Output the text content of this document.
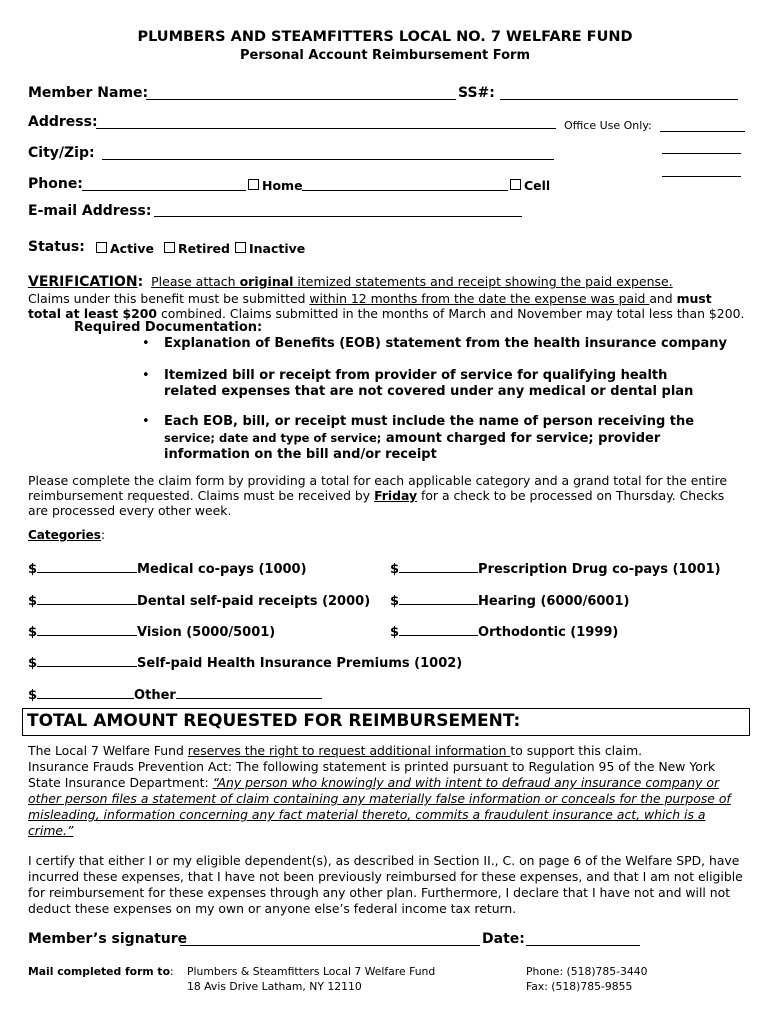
PLUMBERS AND STEAMFITTERS LOCAL NO. 7 WELFARE FUND
Personal Account Reimbursement Form
Member Name:	SS#:
Address:	Office Use Only:
City/Zip:
Phone:	Home	Cell
E-mail Address:
Status:	Active	Retired	Inactive
VERIFICATION: Please attach original itemized statements and receipt showing the paid expense.
Claims under this benefit must be submitted within 12 months from the date the expense was paid and must total at least $200 combined. Claims submitted in the months of March and November may total less than $200.
Required Documentation:
• Explanation of Benefits (EOB) statement from the health insurance company
• Itemized bill or receipt from provider of service for qualifying health related expenses that are not covered under any medical or dental plan
• Each EOB, bill, or receipt must include the name of person receiving the service; date and type of service; amount charged for service; provider information on the bill and/or receipt
Please complete the claim form by providing a total for each applicable category and a grand total for the entire reimbursement requested. Claims must be received by Friday for a check to be processed on Thursday. Checks are processed every other week.
Categories:
$	Medical co-pays (1000)	$	Prescription Drug co-pays (1001)
$	Dental self-paid receipts (2000) $	Hearing (6000/6001)
$	Vision (5000/5001)	$	Orthodontic (1999)
$	Self-paid Health Insurance Premiums (1002)
$	Other
TOTAL AMOUNT REQUESTED FOR REIMBURSEMENT:
The Local 7 Welfare Fund reserves the right to request additional information to support this claim.
Insurance Frauds Prevention Act: The following statement is printed pursuant to Regulation 95 of the New York State Insurance Department: “Any person who knowingly and with intent to defraud any insurance company or other person files a statement of claim containing any materially false information or conceals for the purpose of misleading, information concerning any fact material thereto, commits a fraudulent insurance act, which is a crime.”
I certify that either I or my eligible dependent(s), as described in Section II., C. on page 6 of the Welfare SPD, have incurred these expenses, that I have not been previously reimbursed for these expenses, and that I am not eligible for reimbursement for these expenses through any other plan. Furthermore, I declare that I have not and will not deduct these expenses on my own or anyone else’s federal income tax return.
Member’s signature	Date:
Mail completed form to: Plumbers & Steamfitters Local 7 Welfare Fund
18 Avis Drive Latham, NY 12110
Phone: (518)785-3440
Fax: (518)785-9855
